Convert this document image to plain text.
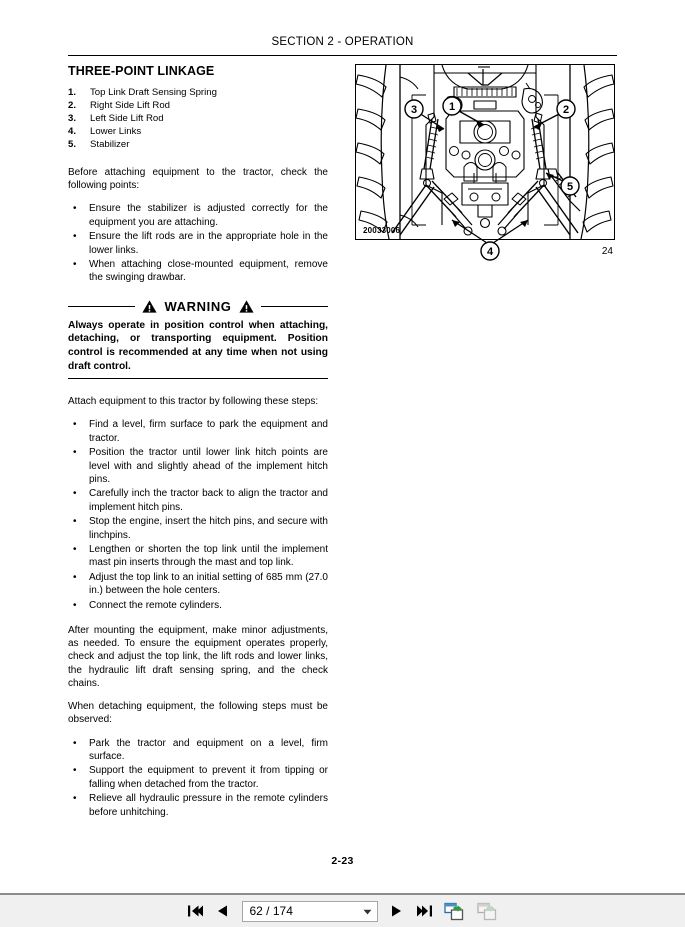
SECTION 2 - OPERATION
THREE-POINT LINKAGE
1.	Top Link Draft Sensing Spring
2.	Right Side Lift Rod
3.	Left Side Lift Rod
4.	Lower Links
5.	Stabilizer

Before attaching equipment to the tractor, check the following points:

•	Ensure the stabilizer is adjusted correctly for the equipment you are attaching.
•	Ensure the lift rods are in the appropriate hole in the lower links.
•	When attaching close-mounted equipment, remove the swinging drawbar.
WARNING

Always operate in position control when attaching, detaching, or transporting equipment. Position control is recommended at any time when not using draft control.

Attach equipment to this tractor by following these steps:

•	Find a level, firm surface to park the equipment and tractor.
•	Position the tractor until lower link hitch points are level with and slightly ahead of the implement hitch pins.
•	Carefully inch the tractor back to align the tractor and implement hitch pins.
•	Stop the engine, insert the hitch pins, and secure with linchpins.
•	Lengthen or shorten the top link until the implement mast pin inserts through the mast and top link.
•	Adjust the top link to an initial setting of 685 mm (27.0 in.) between the hole centers.
•	Connect the remote cylinders.

After mounting the equipment, make minor adjustments, as needed. To ensure the equipment operates properly, check and adjust the top link, the lift rods and lower links, the hydraulic lift draft sensing spring, and the check chains.

When detaching equipment, the following steps must be observed:

•	Park the tractor and equipment on a level, firm surface.
•	Support the equipment to prevent it from tipping or falling when detached from the tractor.
•	Relieve all hydraulic pressure in the remote cylinders before unhitching.
1	2
3
4
5
20033006
24
2-23
62 / 174
